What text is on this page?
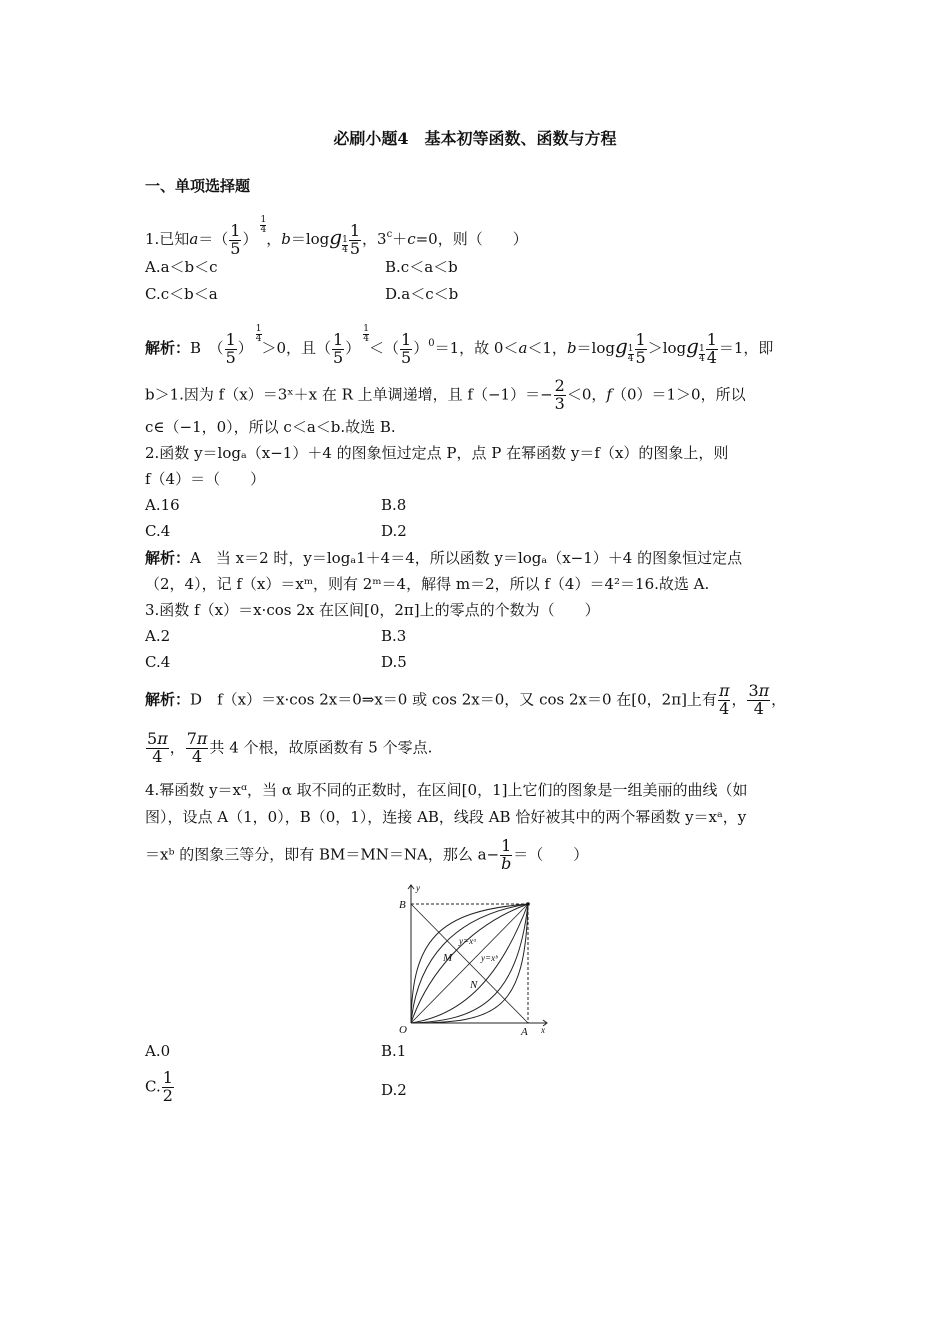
必刷小题4　基本初等函数、函数与方程
一、单项选择题
1.已知$a=( \frac{1}{5}$ ）
$\frac{1}{4}$
，$b=\log g \frac{1}{4} \frac{1}{5}$ ，$3^c+c=0$，则（　　）
A.a＜b＜c	B.c＜a＜b
C.c＜b＜a	D.a＜c＜b
解析：B　（ $\frac{1}{5}$ ）
$\frac{1}{4}$
＞0，且（ $\frac{1}{5}$ ）
$\frac{1}{4}$
＜（ $\frac{1}{5} )^0=1$，故 0＜a＜1，$b=\log g \frac{1}{4} \frac{1}{5} >\log g \frac{1}{4} \frac{1}{4} =1$，即
b＞1.因为 f（x）＝3ˣ＋x 在 R 上单调递增，且 $f(-1)=- \frac{2}{3} <0$，f（0）＝1＞0，所以
c∈（−1，0），所以 c＜a＜b.故选 B.
2.函数 y＝logₐ（x−1）＋4 的图象恒过定点 P，点 P 在幂函数 y＝f（x）的图象上，则
f（4）＝（　　）
A.16	B.8
C.4	D.2
解析：A　 当 x＝2 时，y＝logₐ1＋4＝4，所以函数 y＝logₐ（x−1）＋4 的图象恒过定点
（2，4），记 f（x）＝xᵐ，则有 2ᵐ＝4，解得 m＝2，所以 f（4）＝4²＝16.故选 A.
3.函数 f（x）＝x·cos 2x 在区间[0，2π]上的零点的个数为（　　）
A.2	B.3
C.4	D.5
解析：D　 f（x）＝x·cos 2x＝0⇒x＝0 或 cos 2x＝0，又 cos 2x＝0 在[0，2π]上有 $\frac{\pi}{4}$ ， $\frac{3\pi}{4}$ ，
$\frac{5\pi}{4}$ ， $\frac{7\pi}{4}$ 共 4 个根，故原函数有 5 个零点.
4.幂函数 y＝xᵅ，当 α 取不同的正数时，在区间[0，1]上它们的图象是一组美丽的曲线（如
图），设点 A（1，0），B（0，1），连接 AB，线段 AB 恰好被其中的两个幂函数 y＝xᵃ，y
＝xᵇ 的图象三等分，即有 BM＝MN＝NA，那么 $a- \frac{1}{b}$ ＝（　　）
B
y
O	A x
M
N
y=xᵃ
y=xᵇ
A.0	B.1
C. $\frac{1}{2}$	D.2
